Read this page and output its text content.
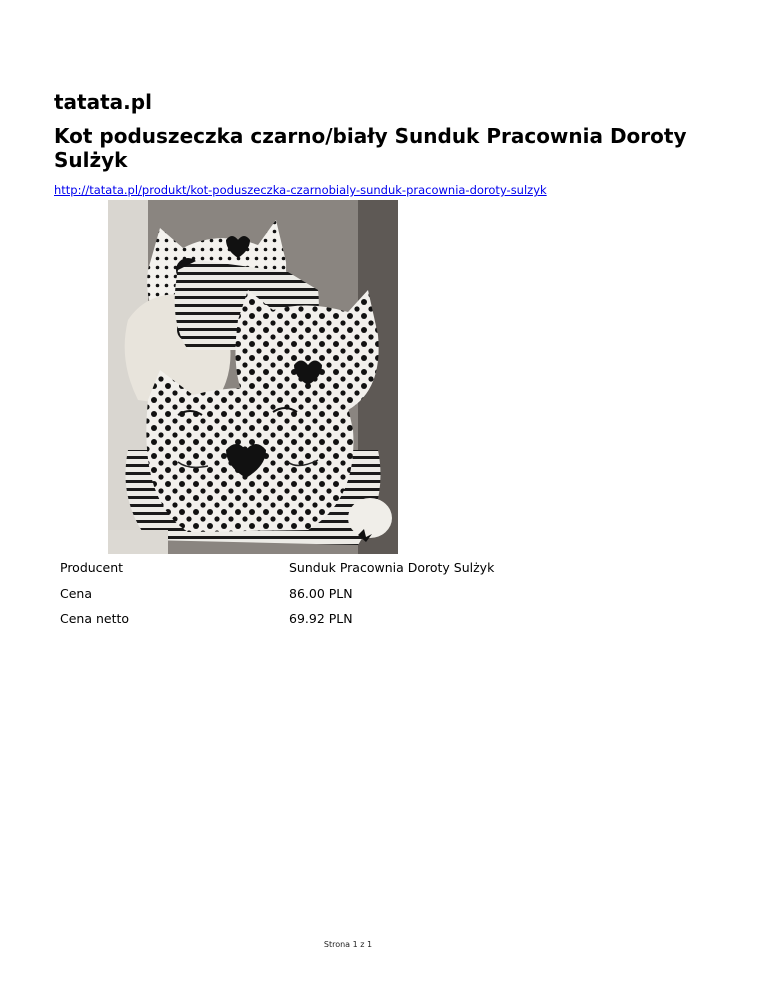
tatata.pl
Kot poduszeczka czarno/biały Sunduk Pracownia Doroty Sulżyk
http://tatata.pl/produkt/kot-poduszeczka-czarnobialy-sunduk-pracownia-doroty-sulzyk
Producent	Sunduk Pracownia Doroty Sulżyk
Cena	86.00 PLN
Cena netto	69.92 PLN
Strona 1 z 1
